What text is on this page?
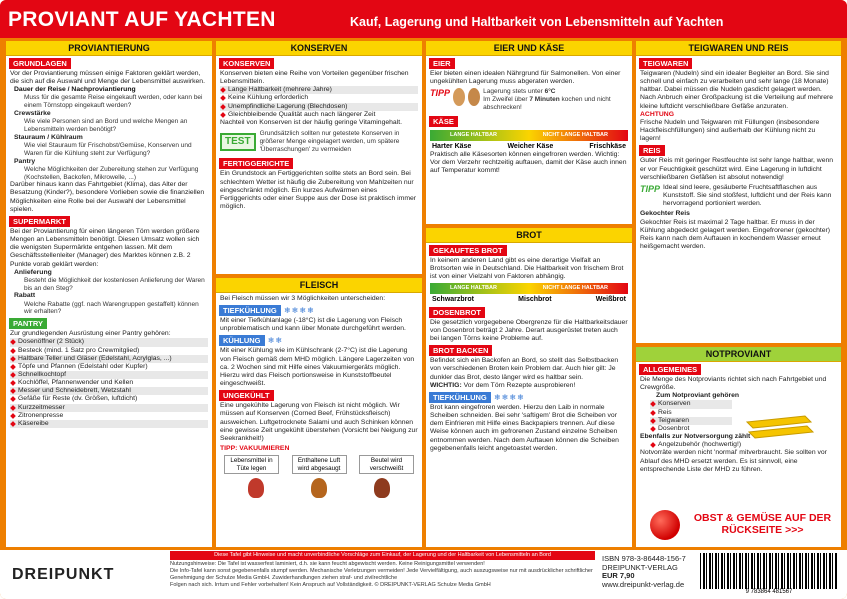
PROVIANT AUF YACHTEN	Kauf, Lagerung und Haltbarkeit von Lebensmitteln auf Yachten
PROVIANTIERUNG
GRUNDLAGEN

Vor der Proviantierung müssen einige Faktoren geklärt werden, die sich auf die Auswahl und Menge der Lebensmittel auswirken.

Dauer der Reise / Nachproviantierung

Muss für die gesamte Reise eingekauft werden, oder kann bei einem Törnstopp eingekauft werden?

Crewstärke

Wie viele Personen sind an Bord und welche Mengen an Lebensmitteln werden benötigt?

Stauraum / Kühlraum

Wie viel Stauraum für Frischobst/Gemüse, Konserven und Waren für die Kühlung steht zur Verfügung?

Pantry

Welche Möglichkeiten der Zubereitung stehen zur Verfügung (Kochstellen, Backofen, Mikrowelle, ...)

Darüber hinaus kann das Fahrtgebiet (Klima), das Alter der Besatzung (Kinder?), besondere Vorlieben sowie die finanziellen Möglichkeiten eine Rolle bei der Auswahl der Lebensmittel spielen.

SUPERMARKT

Bei der Proviantierung für einen längeren Törn werden größere Mengen an Lebensmitteln benötigt. Diesen Umsatz wollen sich die wenigsten Supermärkte entgehen lassen. Mit dem Geschäftsstellenleiter (Manager) des Marktes können z.B. 2 Punkte vorab geklärt werden:

Anlieferung

Besteht die Möglichkeit der kostenlosen Anlieferung der Waren bis an den Steg?

Rabatt

Welche Rabatte (ggf. nach Warengruppen gestaffelt) können wir erhalten?

PANTRY

Zur grundlegenden Ausrüstung einer Pantry gehören:

Dosenöffner (2 Stück)
Besteck (mind. 1 Satz pro Crewmitglied)
Haltbare Teller und Gläser (Edelstahl, Acrylglas, ...)
Töpfe und Pfannen (Edelstahl oder Kupfer)
Schnellkochtopf
Kochlöffel, Pfannenwender und Kellen
Messer und Schneidebrett, Wetzstahl
Gefäße für Reste (dv. Größen, luftdicht)
Kurzzeitmesser
Zitronenpresse
Käsereibe
KONSERVEN
KONSERVEN

Konserven bieten eine Reihe von Vorteilen gegenüber frischen Lebensmitteln.

Lange Haltbarkeit (mehrere Jahre)
Keine Kühlung erforderlich
Unempfindliche Lagerung (Blechdosen)
Gleichbleibende Qualität auch nach längerer Zeit

Nachteil von Konserven ist der häufig geringe Vitamingehalt.

TEST

Grundsätzlich sollten nur getestete Konserven in größerer Menge eingelagert werden, um spätere 'Überraschungen' zu vermeiden

FERTIGGERICHTE

Ein Grundstock an Fertiggerichten sollte stets an Bord sein. Bei schlechtem Wetter ist häufig die Zubereitung von Mahlzeiten nur eingeschränkt möglich. Ein kurzes Aufwärmen eines Fertiggerichts oder einer Suppe aus der Dose ist praktisch immer möglich.

FLEISCH

Bei Fleisch müssen wir 3 Möglichkeiten unterscheiden:

TIEFKÜHLUNG ❄❄❄❄

Mit einer Tiefkühlanlage (-18°C) ist die Lagerung von Fleisch unproblematisch und kann über Monate durchgeführt werden.

KÜHLUNG ❄❄

Mit einer Kühlung wie im Kühlschrank (2-7°C) ist die Lagerung von Fleisch gemäß dem MHD möglich. Längere Lagerzeiten von ca. 2 Wochen sind mit Hilfe eines Vakuumiergeräts möglich. Hierzu wird das Fleisch portionsweise in Kunststoffbeutel eingeschweißt.

UNGEKÜHLT

Eine ungekühlte Lagerung von Fleisch ist nicht möglich. Wir müssen auf Konserven (Corned Beef, Frühstücksfleisch) ausweichen. Luftgetrocknete Salami und auch Schinken können eine gewisse Zeit ungekühlt überstehen (Vorsicht bei Neigung zur Seekrankheit!)

TIPP: VAKUUMIEREN

Lebensmittel in Tüte legen

Enthaltene Luft wird abgesaugt

Beutel wird verschweißt

EIER UND KÄSE
EIER

Eier bieten einen idealen Nährgrund für Salmonellen. Von einer ungekühlten Lagerung muss abgeraten werden.

TIPP	Lagerung stets unter 6°C
Im Zweifel über 7 Minuten kochen und nicht abschrecken!
KÄSE
LANGE HALTBAR	NICHT LANGE HALTBAR
Harter Käse	Weicher Käse	Frischkäse

Praktisch alle Käsesorten können eingefroren werden. Wichtig: Vor dem Verzehr rechtzeitig auftauen, damit der Käse auch innen auf Temperatur kommt!

BROT
GEKAUFTES BROT

In keinem anderen Land gibt es eine derartige Vielfalt an Brotsorten wie in Deutschland. Die Haltbarkeit von frischem Brot ist von einer Vielzahl von Faktoren abhängig.

LANGE HALTBAR	NICHT LANGE HALTBAR
Schwarzbrot	Mischbrot	Weißbrot
DOSENBROT

Die gesetzlich vorgegebene Obergrenze für die Haltbarkeitsdauer von Dosenbrot beträgt 2 Jahre. Derart ausgerüstet treten auch bei langen Törns keine Probleme auf.

BROT BACKEN

Befindet sich ein Backofen an Bord, so stellt das Selbstbacken von verschiedenen Broten kein Problem dar. Auch hier gilt: Je dunkler das Brot, desto länger wird es haltbar sein.

WICHTIG: Vor dem Törn Rezepte ausprobieren!

TIEFKÜHLUNG ❄❄❄❄

Brot kann eingefroren werden. Hierzu den Laib in normale Scheiben schneiden. Bei sehr 'saftigem' Brot die Scheiben vor dem Einfrieren mit Hilfe eines Backpapiers trennen. Auf diese Weise können auch im gefrorenen Zustand einzelne Scheiben entnommen werden. Nach dem Auftauen können die Scheiben gegebenenfalls leicht angetoastet werden.

TEIGWAREN UND REIS
TEIGWAREN

Teigwaren (Nudeln) sind ein idealer Begleiter an Bord. Sie sind schnell und einfach zu verarbeiten und sehr lange (18 Monate) haltbar. Dabei müssen die Nudeln gasdicht gelagert werden. Nach Anbruch einer Großpackung ist die Verteilung auf mehrere kleine luftdicht verschließbare Gefäße anzuraten.

ACHTUNG

Frische Nudeln und Teigwaren mit Füllungen (insbesondere Hackfleischfüllungen) sind außerhalb der Kühlung nicht zu lagern!

REIS

Guter Reis mit geringer Restfeuchte ist sehr lange haltbar, wenn er vor Feuchtigkeit geschützt wird. Eine Lagerung in luftdicht verschließbaren Gefäßen ist absolut notwendig!

TIPP Ideal sind leere, gesäuberte Fruchtsaftflaschen aus Kunststoff. Sie sind stoßfest, luftdicht und der Reis kann hervorragend portioniert werden.

Gekochter Reis

Gekochter Reis ist maximal 2 Tage haltbar. Er muss in der Kühlung abgedeckt gelagert werden. Eingefrorener (gekochter) Reis kann nach dem Auftauen in kochendem Wasser erneut heißgemacht werden.

NOTPROVIANT
ALLGEMEINES

Die Menge des Notproviants richtet sich nach Fahrtgebiet und Crewgröße.

Zum Notproviant gehören

Konserven
Reis
Teigwaren
Dosenbrot

Ebenfalls zur Notversorgung zählt

Angelzubehör (hochwertig!)

Notvorräte werden nicht 'normal' mitverbraucht. Sie sollten vor Ablauf des MHD ersetzt werden. Es ist sinnvoll, eine entsprechende Liste der MHD zu führen.

OBST & GEMÜSE AUF DER RÜCKSEITE >>>
DREIPUNKT
Diese Tafel gibt Hinweise und macht unverbindliche Vorschläge zum Einkauf, der Lagerung und der Haltbarkeit von Lebensmitteln an Bord
Nutzungshinweise: Die Tafel ist wasserfest laminiert, d.h. sie kann feucht abgewischt werden. Keine Reinigungsmittel verwenden!
Die Info-Tafel kann sonst gegebenenfalls stumpf werden. Mechanische Verletzungen vermeiden! Jede Vervielfältigung, auch auszugsweise nur mit ausdrücklicher schriftlicher Genehmigung der Schulze Media GmbH. Zuwiderhandlungen ziehen straf- und zivilrechtliche
Folgen nach sich. Irrtum und Fehler vorbehalten! Kein Anspruch auf Vollständigkeit. © DREIPUNKT-VERLAG Schulze Media GmbH
ISBN 978-3-86448-156-7
DREIPUNKT-VERLAG
EUR 7,90
www.dreipunkt-verlag.de
9 783864 481567
